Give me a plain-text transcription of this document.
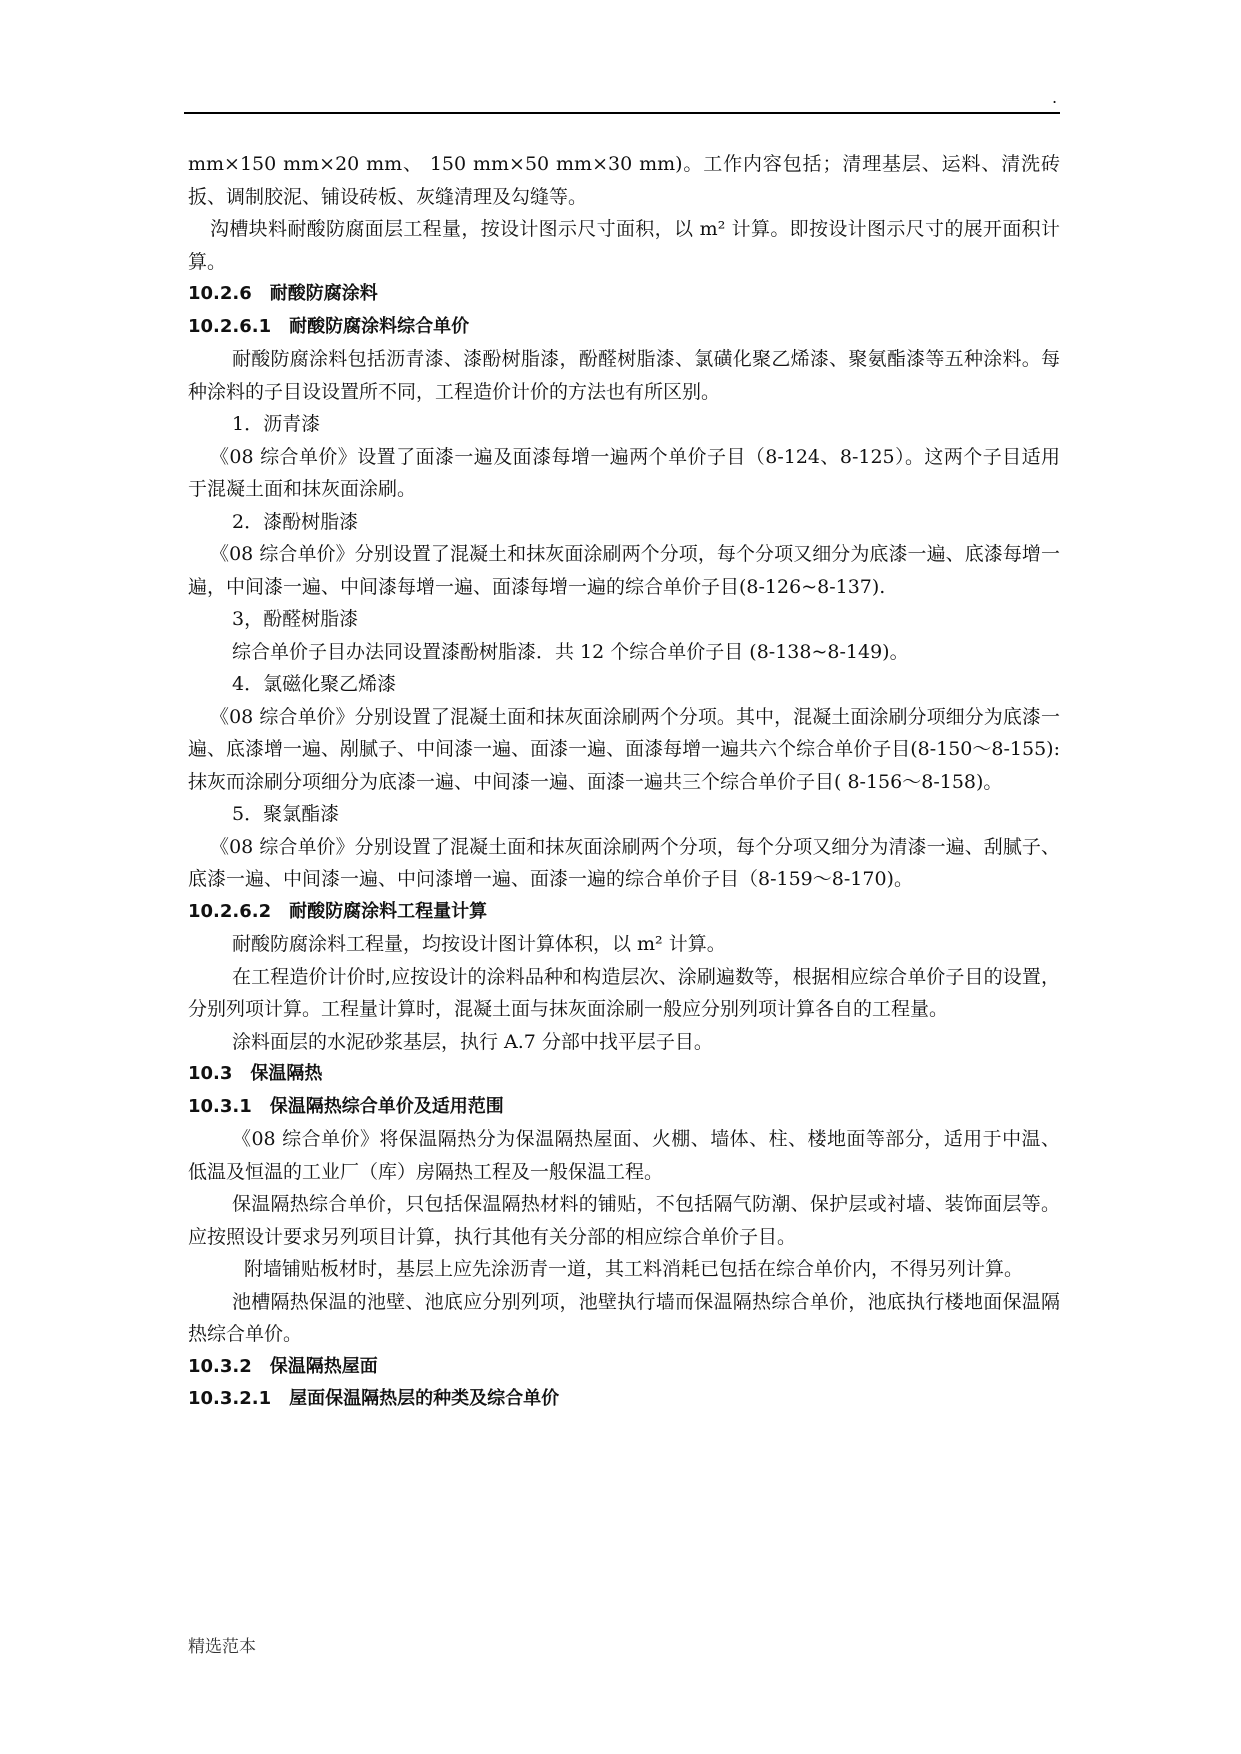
.

mm×150 mm×20 mm、 150 mm×50 mm×30 mm)。工作内容包括；清理基层、运料、清洗砖扳、调制胶泥、铺设砖板、灰缝清理及勾缝等。

沟槽块料耐酸防腐面层工程量，按设计图示尺寸面积，以 m² 计算。即按设计图示尺寸的展开面积计算。

10.2.6　耐酸防腐涂料

10.2.6.1　耐酸防腐涂料综合单价

耐酸防腐涂料包括沥青漆、漆酚树脂漆，酚醛树脂漆、氯磺化聚乙烯漆、聚氨酯漆等五种涂料。每种涂料的子目设设置所不同，工程造价计价的方法也有所区别。

1．沥青漆

《08 综合单价》设置了面漆一遍及面漆每增一遍两个单价子目（8-124、8-125）。这两个子目适用于混凝土面和抹灰面涂刷。

2．漆酚树脂漆

《08 综合单价》分别设置了混凝土和抹灰面涂刷两个分项，每个分项又细分为底漆一遍、底漆每增一遍，中间漆一遍、中间漆每增一遍、面漆每增一遍的综合单价子目(8-126~8-137).

3，酚醛树脂漆

综合单价子目办法同设置漆酚树脂漆．共 12 个综合单价子目 (8-138~8-149)。

4．氯磁化聚乙烯漆

《08 综合单价》分别设置了混凝土面和抹灰面涂刷两个分项。其中，混凝土面涂刷分项细分为底漆一遍、底漆增一遍、剐腻子、中间漆一遍、面漆一遍、面漆每增一遍共六个综合单价子目(8-150～8-155):抹灰而涂刷分项细分为底漆一遍、中间漆一遍、面漆一遍共三个综合单价子目( 8-156～8-158)。

5．聚氯酯漆

《08 综合单价》分别设置了混凝土面和抹灰面涂刷两个分项，每个分项又细分为清漆一遍、刮腻子、底漆一遍、中间漆一遍、中问漆增一遍、面漆一遍的综合单价子目（8-159～8-170)。

10.2.6.2　耐酸防腐涂料工程量计算

耐酸防腐涂料工程量，均按设计图计算体积，以 m² 计算。

在工程造价计价时,应按设计的涂料品种和构造层次、涂刷遍数等，根据相应综合单价子目的设置，分别列项计算。工程量计算时，混凝土面与抹灰面涂刷一般应分别列项计算各自的工程量。

涂料面层的水泥砂浆基层，执行 A.7 分部中找平层子目。

10.3　保温隔热

10.3.1　保温隔热综合单价及适用范围

《08 综合单价》将保温隔热分为保温隔热屋面、火棚、墙体、柱、楼地面等部分，适用于中温、低温及恒温的工业厂（库）房隔热工程及一般保温工程。

保温隔热综合单价，只包括保温隔热材料的铺贴，不包括隔气防潮、保护层或衬墙、装饰面层等。应按照设计要求另列项目计算，执行其他有关分部的相应综合单价子目。

附墙铺贴板材时，基层上应先涂沥青一道，其工料消耗已包括在综合单价内，不得另列计算。

池槽隔热保温的池壁、池底应分别列项，池壁执行墙而保温隔热综合单价，池底执行楼地面保温隔热综合单价。

10.3.2　保温隔热屋面

10.3.2.1　屋面保温隔热层的种类及综合单价

精选范本
